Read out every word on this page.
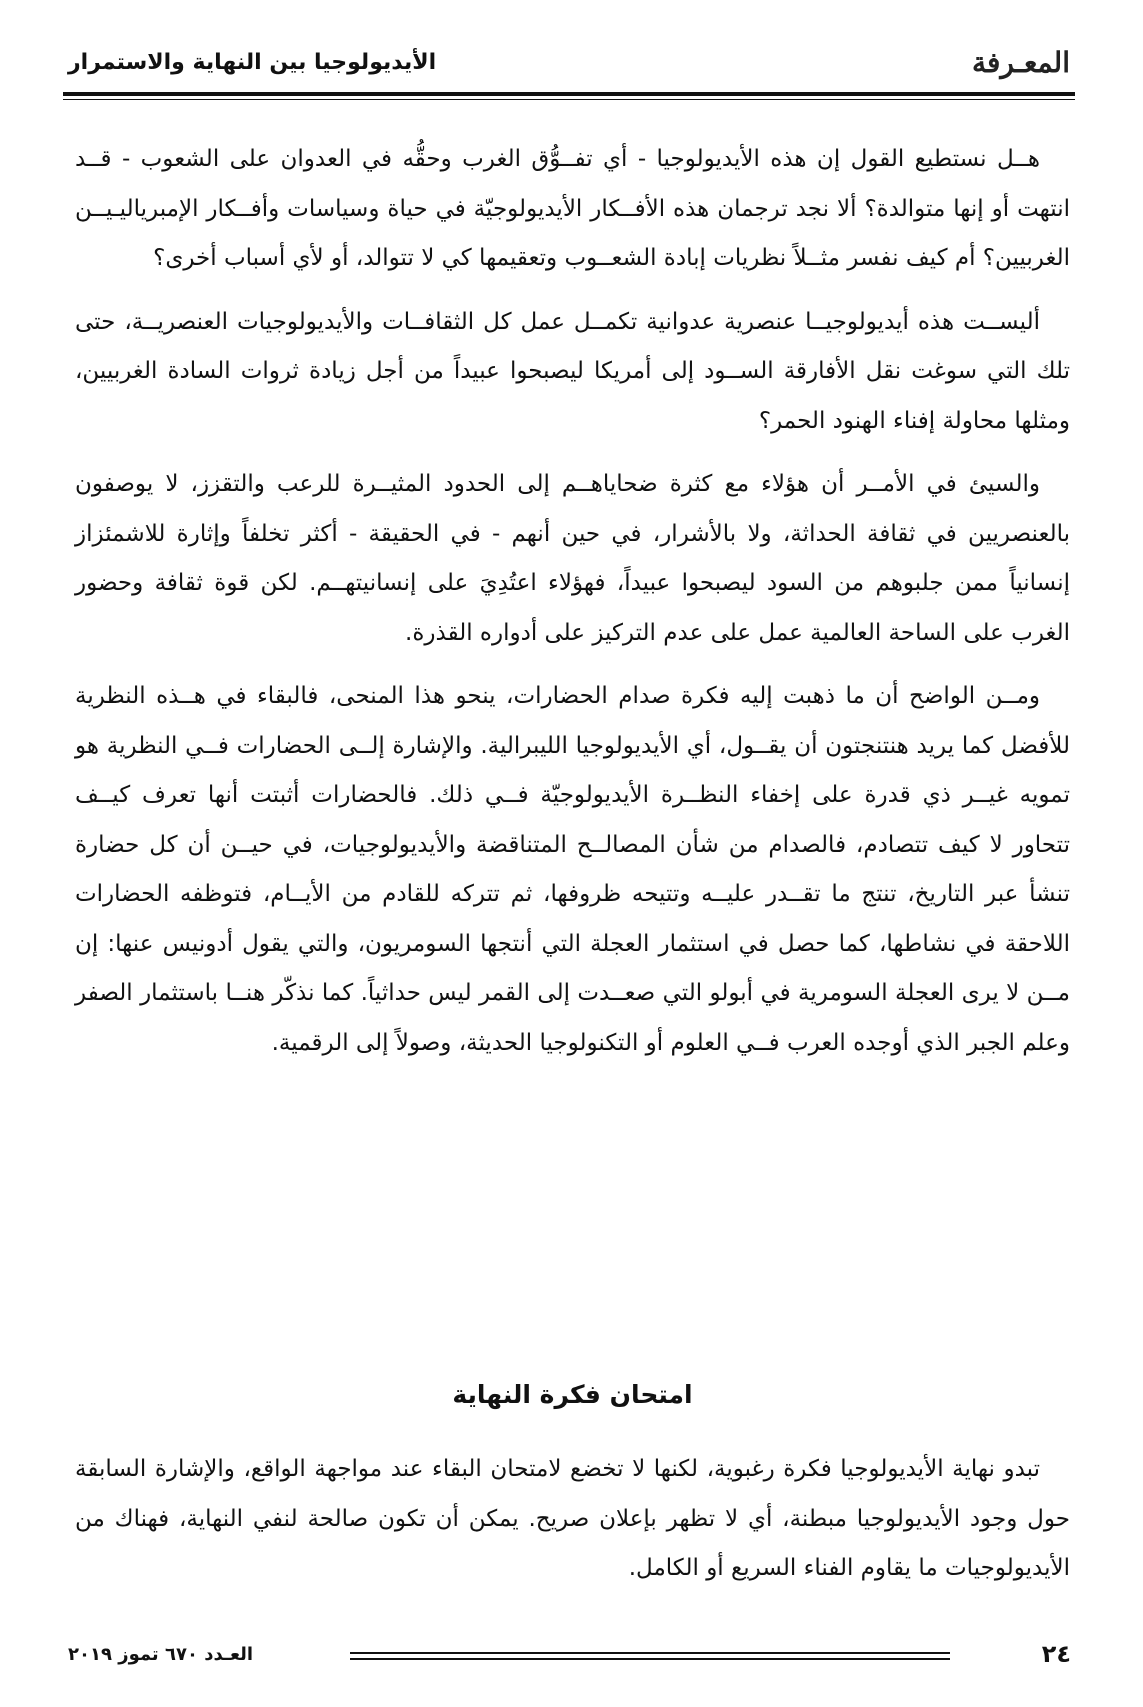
المعـرفة
الأيديولوجيا بين النهاية والاستمرار

هــل نستطيع القول إن هذه الأيديولوجيا - أي تفــوُّق الغرب وحقُّه في العدوان على الشعوب - قــد انتهت أو إنها متوالدة؟ ألا نجد ترجمان هذه الأفــكار الأيديولوجيّة في حياة وسياسات وأفــكار الإمبرياليـيــن الغربيين؟ أم كيف نفسر مثــلاً نظريات إبادة الشعــوب وتعقيمها كي لا تتوالد، أو لأي أسباب أخرى؟

أليســت هذه أيديولوجيــا عنصرية عدوانية تكمــل عمل كل الثقافــات والأيديولوجيات العنصريــة، حتى تلك التي سوغت نقل الأفارقة الســود إلى أمريكا ليصبحوا عبيداً من أجل زيادة ثروات السادة الغربيين، ومثلها محاولة إفناء الهنود الحمر؟

والسيئ في الأمــر أن هؤلاء مع كثرة ضحاياهــم إلى الحدود المثيــرة للرعب والتقزز، لا يوصفون بالعنصريين في ثقافة الحداثة، ولا بالأشرار، في حين أنهم - في الحقيقة - أكثر تخلفاً وإثارة للاشمئزاز إنسانياً ممن جلبوهم من السود ليصبحوا عبيداً، فهؤلاء اعتُدِيَ على إنسانيتهــم. لكن قوة ثقافة وحضور الغرب على الساحة العالمية عمل على عدم التركيز على أدواره القذرة.

ومــن الواضح أن ما ذهبت إليه فكرة صدام الحضارات، ينحو هذا المنحى، فالبقاء في هــذه النظرية للأفضل كما يريد هنتنجتون أن يقــول، أي الأيديولوجيا الليبرالية. والإشارة إلــى الحضارات فــي النظرية هو تمويه غيــر ذي قدرة على إخفاء النظــرة الأيديولوجيّة فــي ذلك. فالحضارات أثبتت أنها تعرف كيــف تتحاور لا كيف تتصادم، فالصدام من شأن المصالــح المتناقضة والأيديولوجيات، في حيــن أن كل حضارة تنشأ عبر التاريخ، تنتج ما تقــدر عليــه وتتيحه ظروفها، ثم تتركه للقادم من الأيــام، فتوظفه الحضارات اللاحقة في نشاطها، كما حصل في استثمار العجلة التي أنتجها السومريون، والتي يقول أدونيس عنها: إن مــن لا يرى العجلة السومرية في أبولو التي صعــدت إلى القمر ليس حداثياً. كما نذكّر هنــا باستثمار الصفر وعلم الجبر الذي أوجده العرب فــي العلوم أو التكنولوجيا الحديثة، وصولاً إلى الرقمية.

امتحان فكرة النهاية

تبدو نهاية الأيديولوجيا فكرة رغبوية، لكنها لا تخضع لامتحان البقاء عند مواجهة الواقع، والإشارة السابقة حول وجود الأيديولوجيا مبطنة، أي لا تظهر بإعلان صريح. يمكن أن تكون صالحة لنفي النهاية، فهناك من الأيديولوجيات ما يقاوم الفناء السريع أو الكامل.

٢٤
العـدد ٦٧٠ تموز ٢٠١٩
